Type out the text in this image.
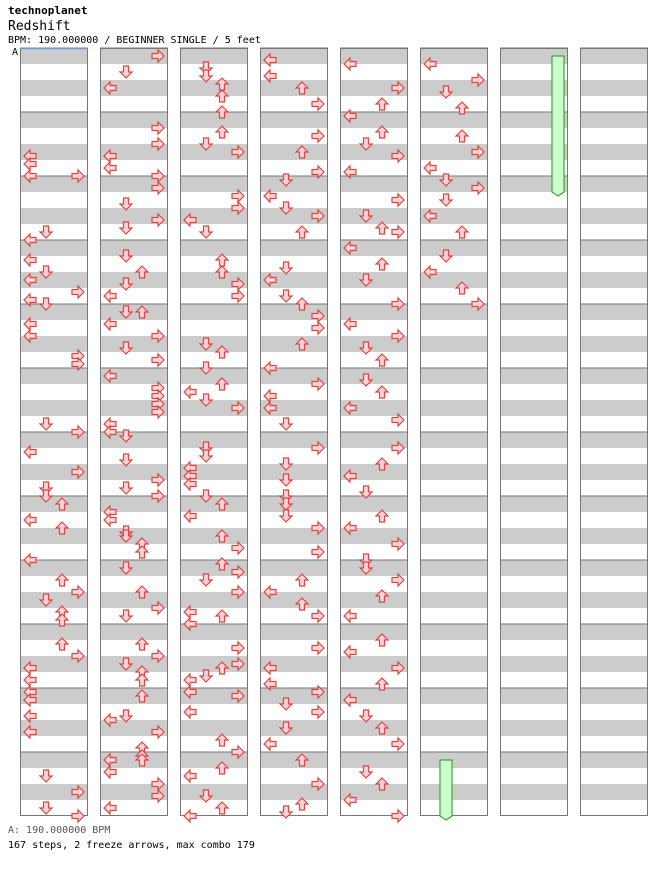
technoplanet
Redshift
BPM: 190.000000 / BEGINNER SINGLE / 5 feet
A
A: 190.000000 BPM
167 steps, 2 freeze arrows, max combo 179
